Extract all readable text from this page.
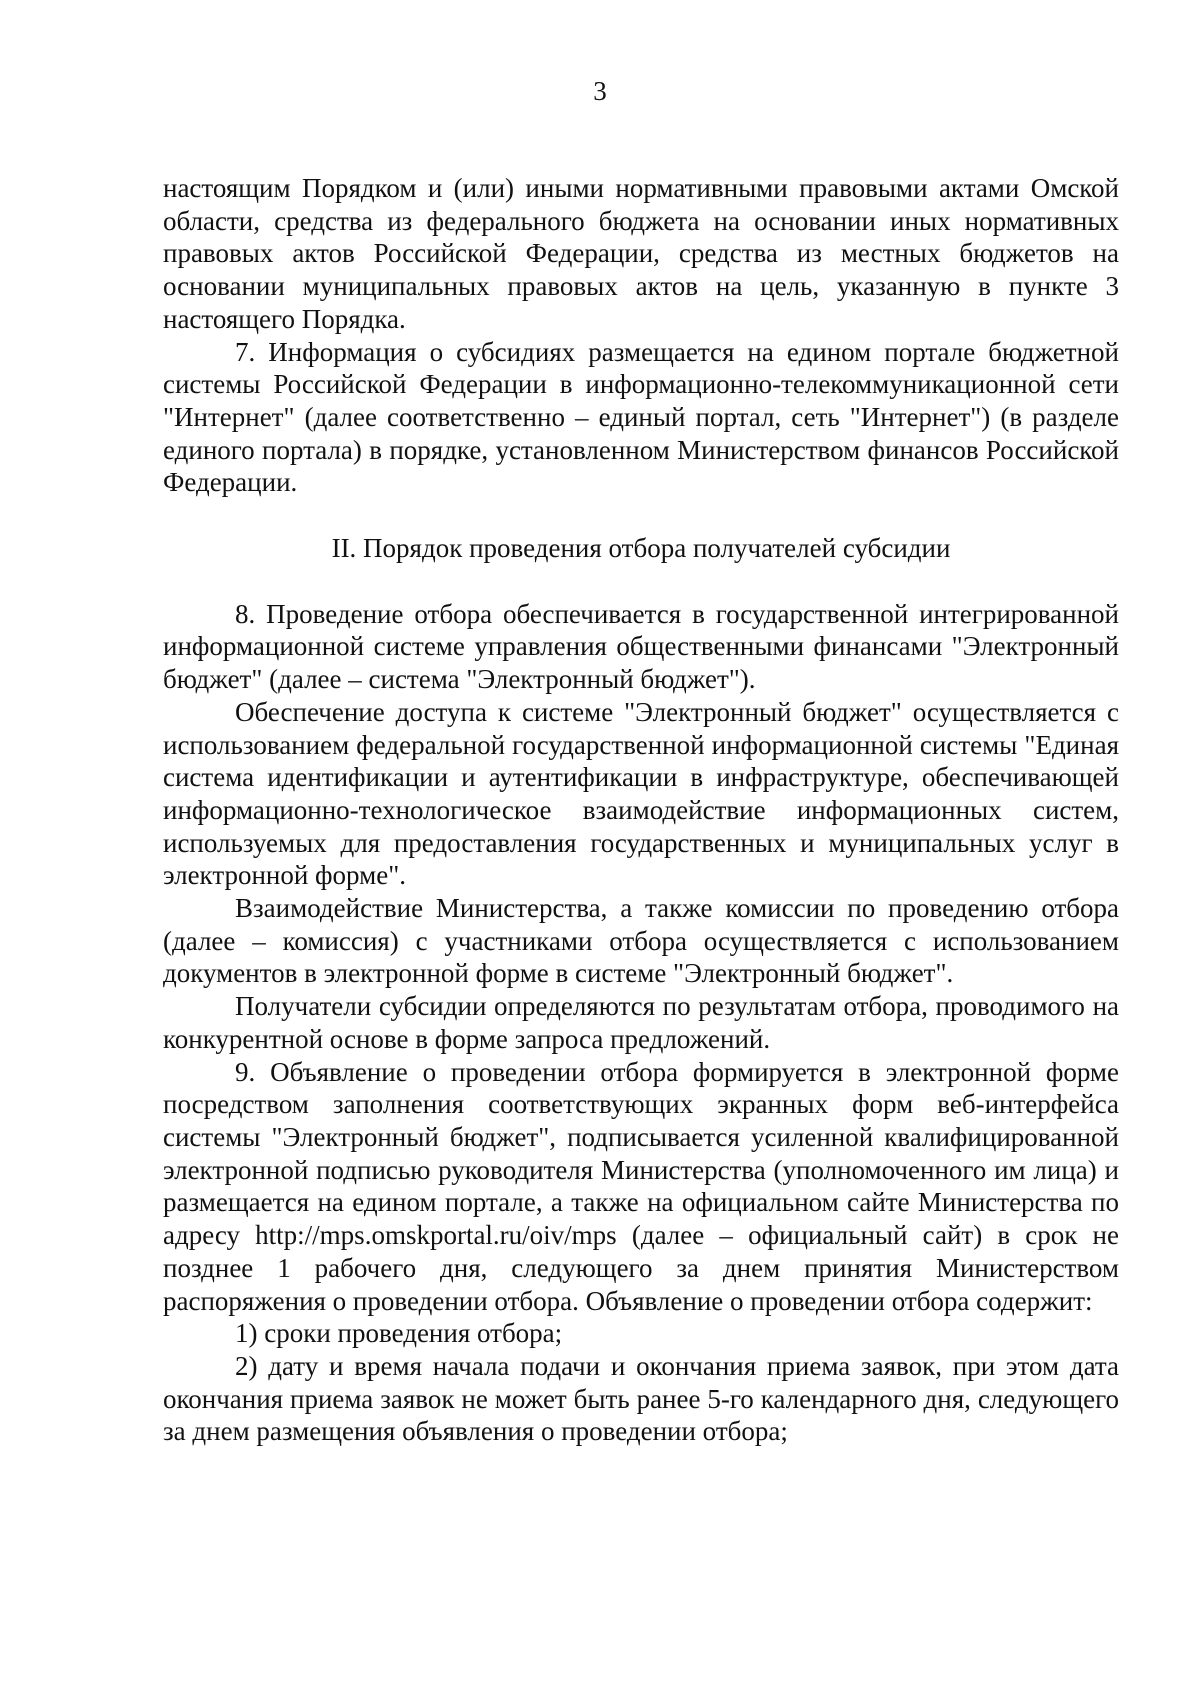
3

настоящим Порядком и (или) иными нормативными правовыми актами Омской области, средства из федерального бюджета на основании иных нормативных правовых актов Российской Федерации, средства из местных бюджетов на основании муниципальных правовых актов на цель, указанную в пункте 3 настоящего Порядка.

7. Информация о субсидиях размещается на едином портале бюджетной системы Российской Федерации в информационно-телекоммуникационной сети "Интернет" (далее соответственно – единый портал, сеть "Интернет") (в разделе единого портала) в порядке, установленном Министерством финансов Российской Федерации.

II. Порядок проведения отбора получателей субсидии

8. Проведение отбора обеспечивается в государственной интегрированной информационной системе управления общественными финансами "Электронный бюджет" (далее – система "Электронный бюджет").

Обеспечение доступа к системе "Электронный бюджет" осуществляется с использованием федеральной государственной информационной системы "Единая система идентификации и аутентификации в инфраструктуре, обеспечивающей информационно-технологическое взаимодействие информационных систем, используемых для предоставления государственных и муниципальных услуг в электронной форме".

Взаимодействие Министерства, а также комиссии по проведению отбора (далее – комиссия) с участниками отбора осуществляется с использованием документов в электронной форме в системе "Электронный бюджет".

Получатели субсидии определяются по результатам отбора, проводимого на конкурентной основе в форме запроса предложений.

9. Объявление о проведении отбора формируется в электронной форме посредством заполнения соответствующих экранных форм веб-интерфейса системы "Электронный бюджет", подписывается усиленной квалифицированной электронной подписью руководителя Министерства (уполномоченного им лица) и размещается на едином портале, а также на официальном сайте Министерства по адресу http://mps.omskportal.ru/oiv/mps (далее – официальный сайт) в срок не позднее 1 рабочего дня, следующего за днем принятия Министерством распоряжения о проведении отбора. Объявление о проведении отбора содержит:

1) сроки проведения отбора;

2) дату и время начала подачи и окончания приема заявок, при этом дата окончания приема заявок не может быть ранее 5-го календарного дня, следующего за днем размещения объявления о проведении отбора;
